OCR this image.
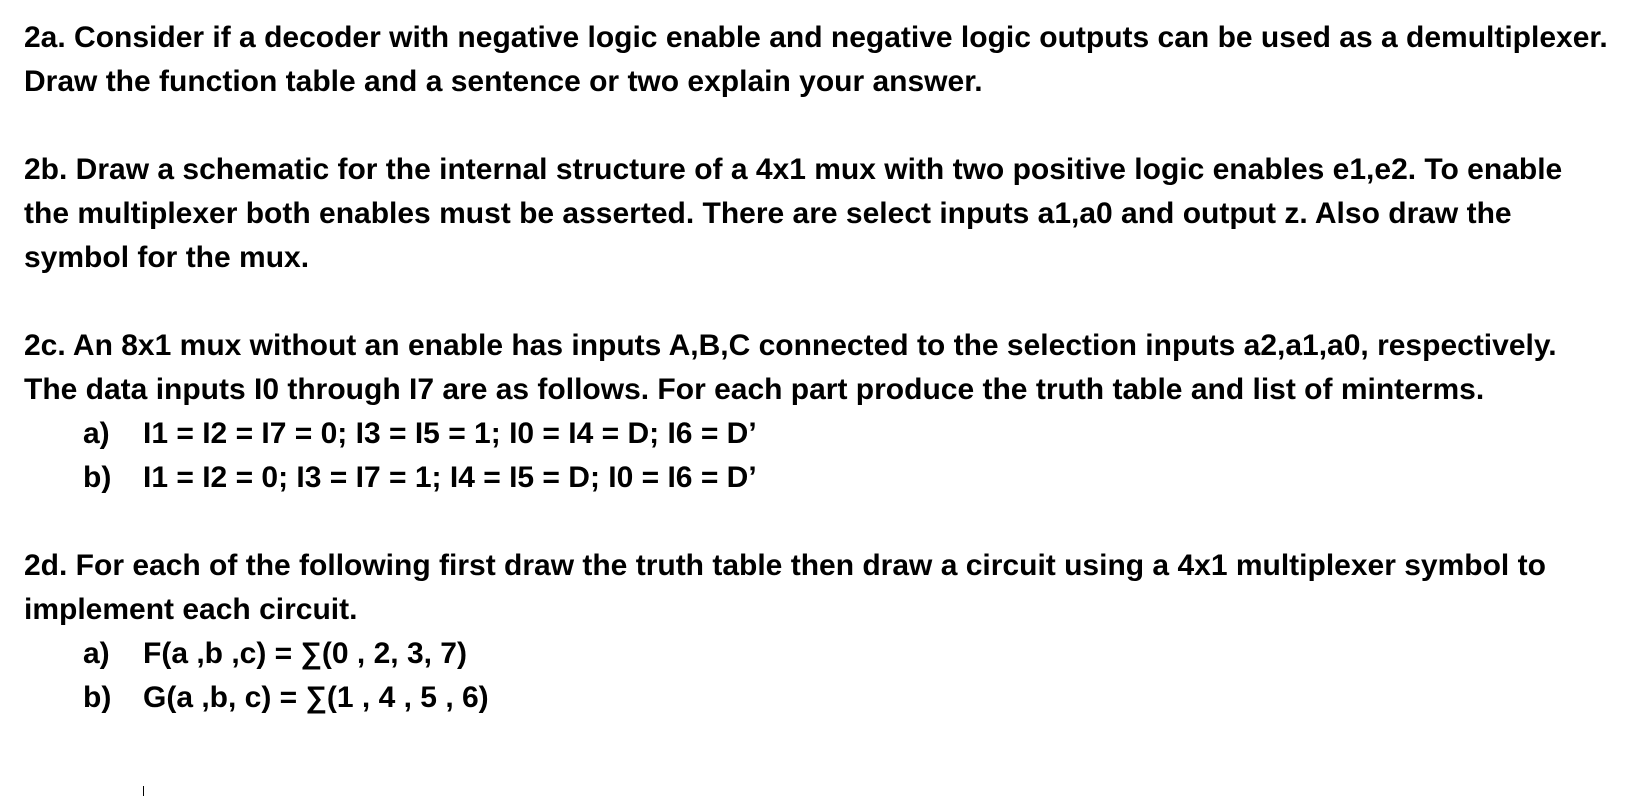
2a. Consider if a decoder with negative logic enable and negative logic outputs can be used as a demultiplexer. Draw the function table and a sentence or two explain your answer.
2b. Draw a schematic for the internal structure of a 4x1 mux with two positive logic enables e1,e2. To enable the multiplexer both enables must be asserted. There are select inputs a1,a0 and output z. Also draw the symbol for the mux.
2c. An 8x1 mux without an enable has inputs A,B,C connected to the selection inputs a2,a1,a0, respectively. The data inputs I0 through I7 are as follows. For each part produce the truth table and list of minterms.
a)	I1 = I2 = I7 = 0; I3 = I5 = 1; I0 = I4 = D; I6 = D’
b)	I1 = I2 = 0; I3 = I7 = 1; I4 = I5 = D; I0 = I6 = D’
2d. For each of the following first draw the truth table then draw a circuit using a 4x1 multiplexer symbol to implement each circuit.
a)	F(a ,b ,c) = ∑(0 , 2, 3, 7)
b)	G(a ,b, c) = ∑(1 , 4 , 5 , 6)
